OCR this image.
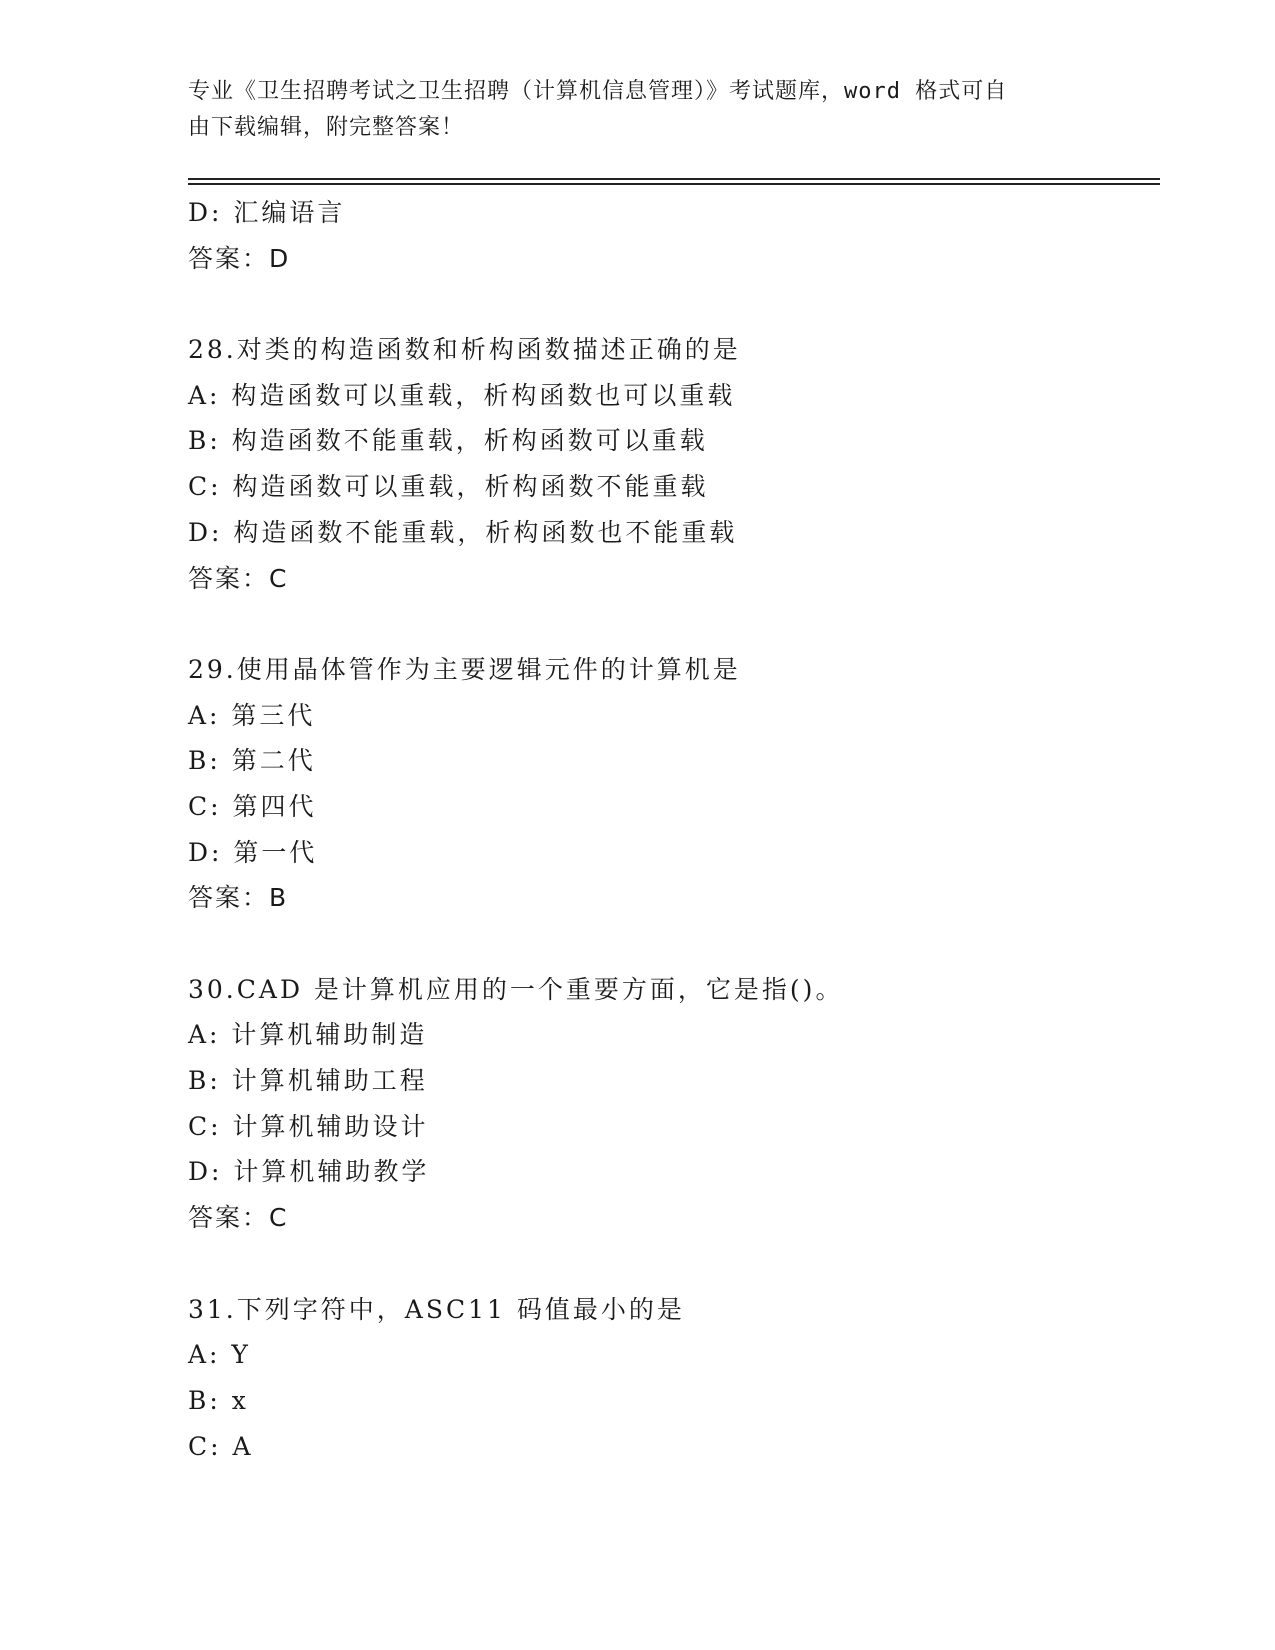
专业《卫生招聘考试之卫生招聘（计算机信息管理）》考试题库，word 格式可自
由下载编辑，附完整答案！
D: 汇编语言
答案：D
28.对类的构造函数和析构函数描述正确的是
A: 构造函数可以重载，析构函数也可以重载
B: 构造函数不能重载，析构函数可以重载
C: 构造函数可以重载，析构函数不能重载
D: 构造函数不能重载，析构函数也不能重载
答案：C
29.使用晶体管作为主要逻辑元件的计算机是
A: 第三代
B: 第二代
C: 第四代
D: 第一代
答案：B
30.CAD 是计算机应用的一个重要方面，它是指()。
A: 计算机辅助制造
B: 计算机辅助工程
C: 计算机辅助设计
D: 计算机辅助教学
答案：C
31.下列字符中，ASC11 码值最小的是
A: Y
B: x
C: A
